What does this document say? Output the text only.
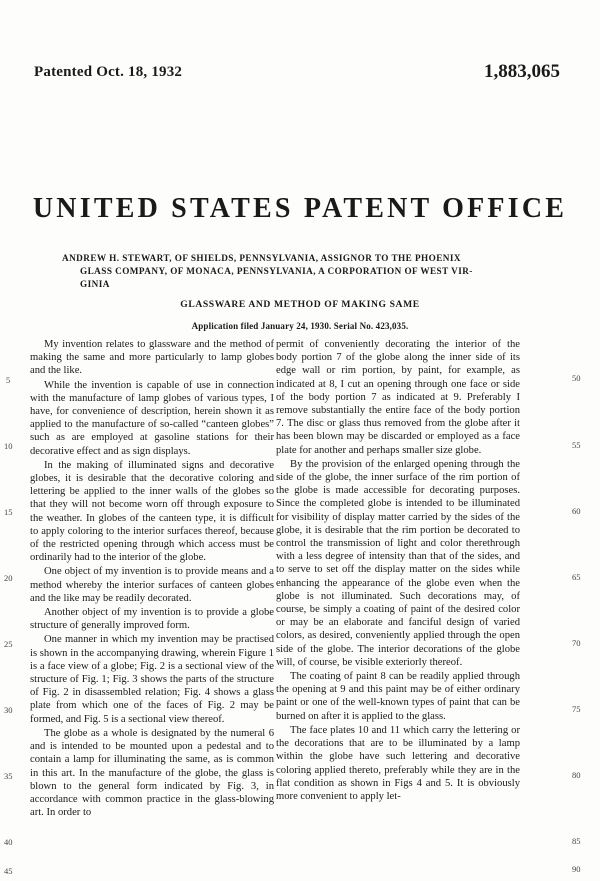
Patented Oct. 18, 1932	1,883,065
UNITED STATES PATENT OFFICE
ANDREW H. STEWART, OF SHIELDS, PENNSYLVANIA, ASSIGNOR TO THE PHOENIX
GLASS COMPANY, OF MONACA, PENNSYLVANIA, A CORPORATION OF WEST VIR-
GINIA
GLASSWARE AND METHOD OF MAKING SAME
Application filed January 24, 1930. Serial No. 423,035.

My invention relates to glassware and the method of making the same and more particularly to lamp globes and the like.

While the invention is capable of use in connection with the manufacture of lamp globes of various types, I have, for convenience of description, herein shown it as applied to the manufacture of so-called “canteen globes” such as are employed at gasoline stations for their decorative effect and as sign displays.

In the making of illuminated signs and decorative globes, it is desirable that the decorative coloring and lettering be applied to the inner walls of the globes so that they will not become worn off through exposure to the weather. In globes of the canteen type, it is difficult to apply coloring to the interior surfaces thereof, because of the restricted opening through which access must be ordinarily had to the interior of the globe.

One object of my invention is to provide means and a method whereby the interior surfaces of canteen globes and the like may be readily decorated.

Another object of my invention is to provide a globe structure of generally improved form.

One manner in which my invention may be practised is shown in the accompanying drawing, wherein Figure 1 is a face view of a globe; Fig. 2 is a sectional view of the structure of Fig. 1; Fig. 3 shows the parts of the structure of Fig. 2 in disassembled relation; Fig. 4 shows a glass plate from which one of the faces of Fig. 2 may be formed, and Fig. 5 is a sectional view thereof.

The globe as a whole is designated by the numeral 6 and is intended to be mounted upon a pedestal and to contain a lamp for illuminating the same, as is common in this art. In the manufacture of the globe, the glass is blown to the general form indicated by Fig. 3, in accordance with common practice in the glass-blowing art. In order to

permit of conveniently decorating the interior of the body portion 7 of the globe along the inner side of its edge wall or rim portion, by paint, for example, as indicated at 8, I cut an opening through one face or side of the body portion 7 as indicated at 9. Preferably I remove substantially the entire face of the body portion 7. The disc or glass thus removed from the globe after it has been blown may be discarded or employed as a face plate for another and perhaps smaller size globe.

By the provision of the enlarged opening through the side of the globe, the inner surface of the rim portion of the globe is made accessible for decorating purposes. Since the completed globe is intended to be illuminated for visibility of display matter carried by the sides of the globe, it is desirable that the rim portion be decorated to control the transmission of light and color therethrough with a less degree of intensity than that of the sides, and to serve to set off the display matter on the sides while enhancing the appearance of the globe even when the globe is not illuminated. Such decorations may, of course, be simply a coating of paint of the desired color or may be an elaborate and fanciful design of varied colors, as desired, conveniently applied through the open side of the globe. The interior decorations of the globe will, of course, be visible exteriorly thereof.

The coating of paint 8 can be readily applied through the opening at 9 and this paint may be of either ordinary paint or one of the well-known types of paint that can be burned on after it is applied to the glass.

The face plates 10 and 11 which carry the lettering or the decorations that are to be illuminated by a lamp within the globe have such lettering and decorative coloring applied thereto, preferably while they are in the flat condition as shown in Figs 4 and 5. It is obviously more convenient to apply let-

5
10
15
20
25
30
35
40
45
50
55
60
65
70
75
80
85
90
